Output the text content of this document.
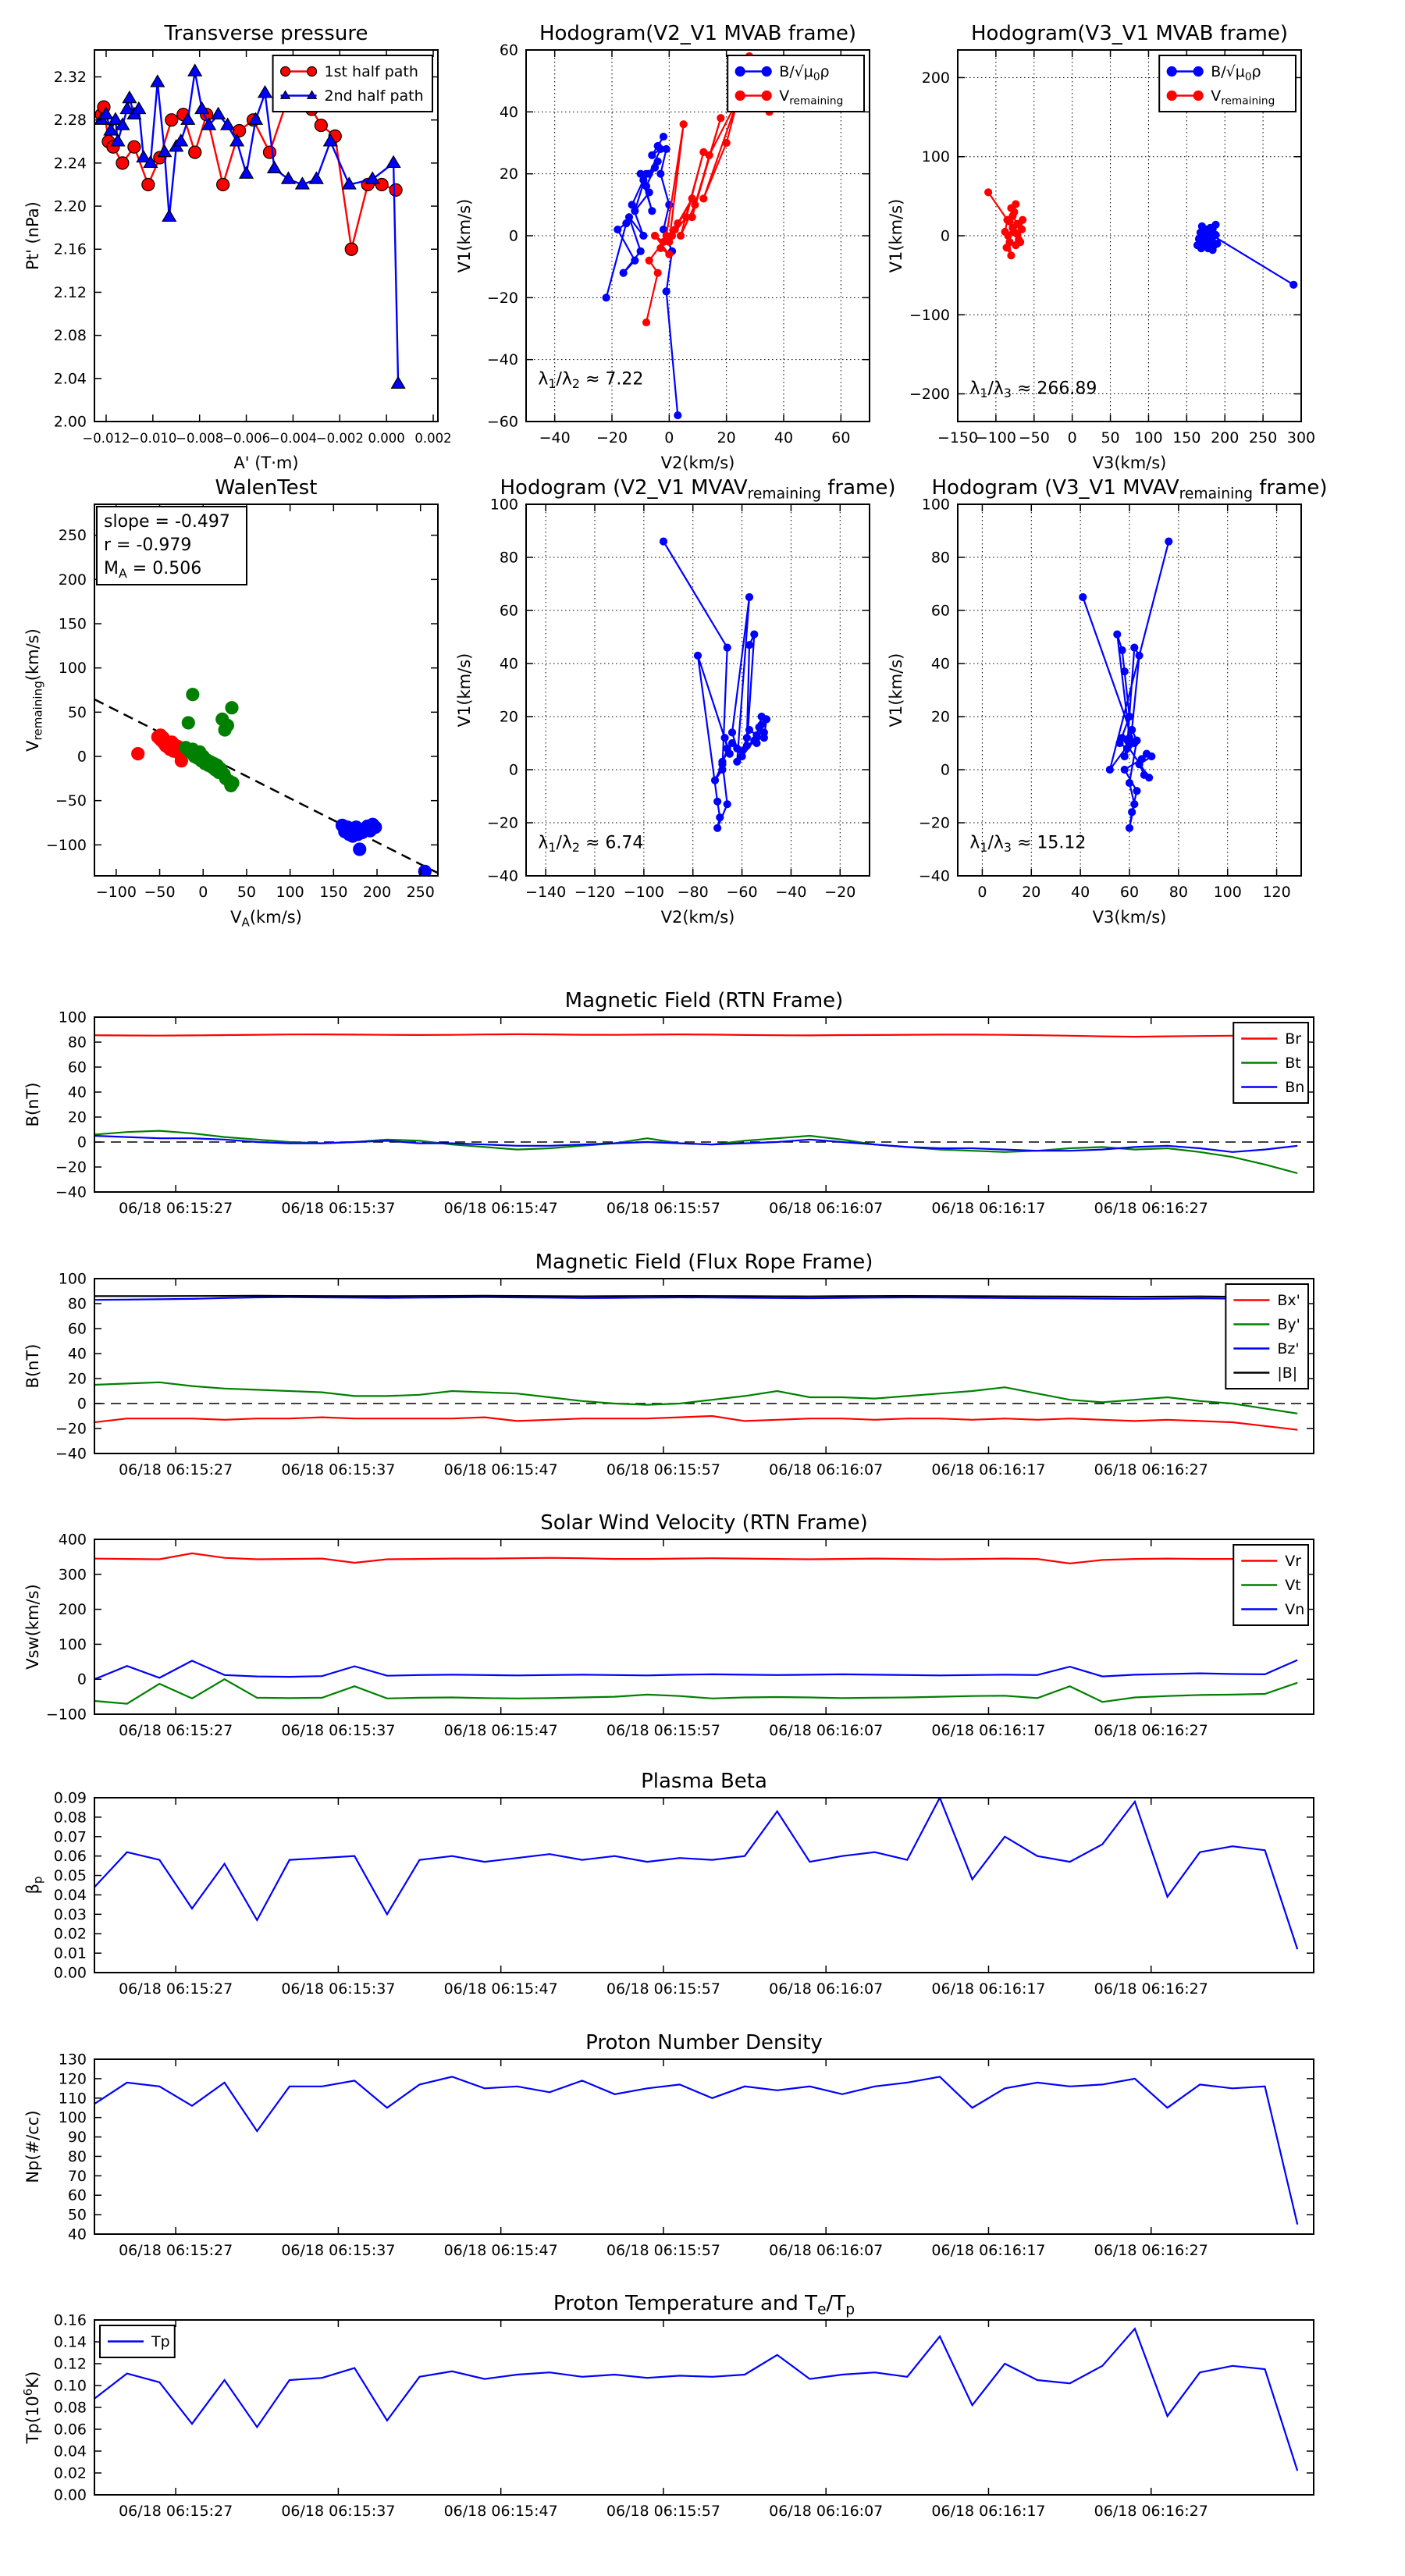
−0.012
−0.010
−0.008
−0.006
−0.004
−0.002 0.000 0.002
2.00
2.04
2.08
2.12
2.16
2.20
2.24
2.28
2.32
Transverse pressure
A' (T·m)
Pt' (nPa)
1st half path
2nd half path
−40 −20 0	20	40	60
−60
−40
−20
0
20
40
60
Hodogram(V2_V1 MVAB frame)
V2(km/s)
V1(km/s)
$\lambda_1/\lambda_2 \approx 7.22$
$B/√\mu_0\rho$
$V_{remaining}$
−150
−100 −50 0 50 100 150 200 250 300
−200
−100
0
100
200
Hodogram(V3_V1 MVAB frame)
V3(km/s)
V1(km/s)
$\lambda_1/\lambda_3 \approx 266.89$
$B/√\mu_0\rho$
$V_{remaining}$
−100 −50 0 50 100 150 200 250
−100
−50
0
50
100
150
200
250
WalenTest
$V_A(km/s)$
$V_{remaining}(km/s)$
slope = -0.497
r = -0.979
$M_A = 0.506$
−140 −120 −100 −80 −60 −40 −20
−40
−20
0
20
40
60
80
100
Hodogram (V2_V1 $MVAV_{remaining}$ frame)
V2(km/s)
V1(km/s)
$\lambda_1/\lambda_2 \approx 6.74$
0 20 40 60 80 100 120
−40
−20
0
20
40
60
80
100
Hodogram (V3_V1 $MVAV_{remaining}$ frame)
V3(km/s)
V1(km/s)
$\lambda_1/\lambda_3 \approx 15.12$
06/18 06:15:27	06/18 06:15:37	06/18 06:15:47	06/18 06:15:57	06/18 06:16:07	06/18 06:16:17	06/18 06:16:27
−40
−20
0
20
40
60
80
100
Magnetic Field (RTN Frame)
B(nT)
Br
Bt
Bn
06/18 06:15:27	06/18 06:15:37	06/18 06:15:47	06/18 06:15:57	06/18 06:16:07	06/18 06:16:17	06/18 06:16:27
−40
−20
0
20
40
60
80
100
Magnetic Field (Flux Rope Frame)
B(nT)
Bx'
By'
Bz'
|B|
06/18 06:15:27	06/18 06:15:37	06/18 06:15:47	06/18 06:15:57	06/18 06:16:07	06/18 06:16:17	06/18 06:16:27
−100
0
100
200
300
400
Solar Wind Velocity (RTN Frame)
Vsw(km/s)
Vr
Vt
Vn
06/18 06:15:27	06/18 06:15:37	06/18 06:15:47	06/18 06:15:57	06/18 06:16:07	06/18 06:16:17	06/18 06:16:27
0.00
0.01
0.02
0.03
0.04
0.05
0.06
0.07
0.08
0.09
Plasma Beta
$\beta_p$
06/18 06:15:27	06/18 06:15:37	06/18 06:15:47	06/18 06:15:57	06/18 06:16:07	06/18 06:16:17	06/18 06:16:27
40
50
60
70
80
90
100
110
120
130
Proton Number Density
Np(#/cc)
06/18 06:15:27	06/18 06:15:37	06/18 06:15:47	06/18 06:15:57	06/18 06:16:07	06/18 06:16:17	06/18 06:16:27
0.00
0.02
0.04
0.06
0.08
0.10
0.12
0.14
0.16
Proton Temperature and $T_e/T_p$
$Tp(10^6K)$
Tp
